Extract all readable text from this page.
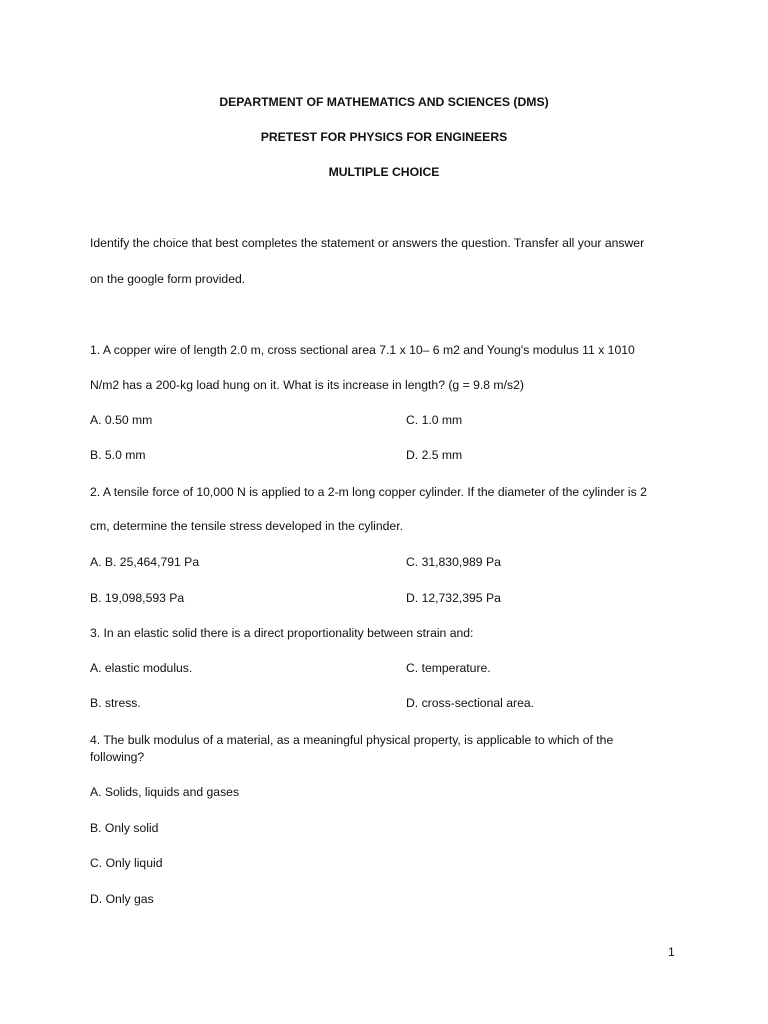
DEPARTMENT OF MATHEMATICS AND SCIENCES (DMS)
PRETEST FOR PHYSICS FOR ENGINEERS
MULTIPLE CHOICE
Identify the choice that best completes the statement or answers the question. Transfer all your answer
on the google form provided.
1. A copper wire of length 2.0 m, cross sectional area 7.1 x 10– 6 m2 and Young's modulus 11 x 1010
N/m2 has a 200-kg load hung on it. What is its increase in length? (g = 9.8 m/s2)
A. 0.50 mm	C. 1.0 mm
B. 5.0 mm	D. 2.5 mm
2. A tensile force of 10,000 N is applied to a 2-m long copper cylinder. If the diameter of the cylinder is 2
cm, determine the tensile stress developed in the cylinder.
A. B. 25,464,791 Pa	C. 31,830,989 Pa
B. 19,098,593 Pa	D. 12,732,395 Pa
3. In an elastic solid there is a direct proportionality between strain and:
A. elastic modulus.	C. temperature.
B. stress.	D. cross-sectional area.
4. The bulk modulus of a material, as a meaningful physical property, is applicable to which of the
following?
A. Solids, liquids and gases
B. Only solid
C. Only liquid
D. Only gas
1
